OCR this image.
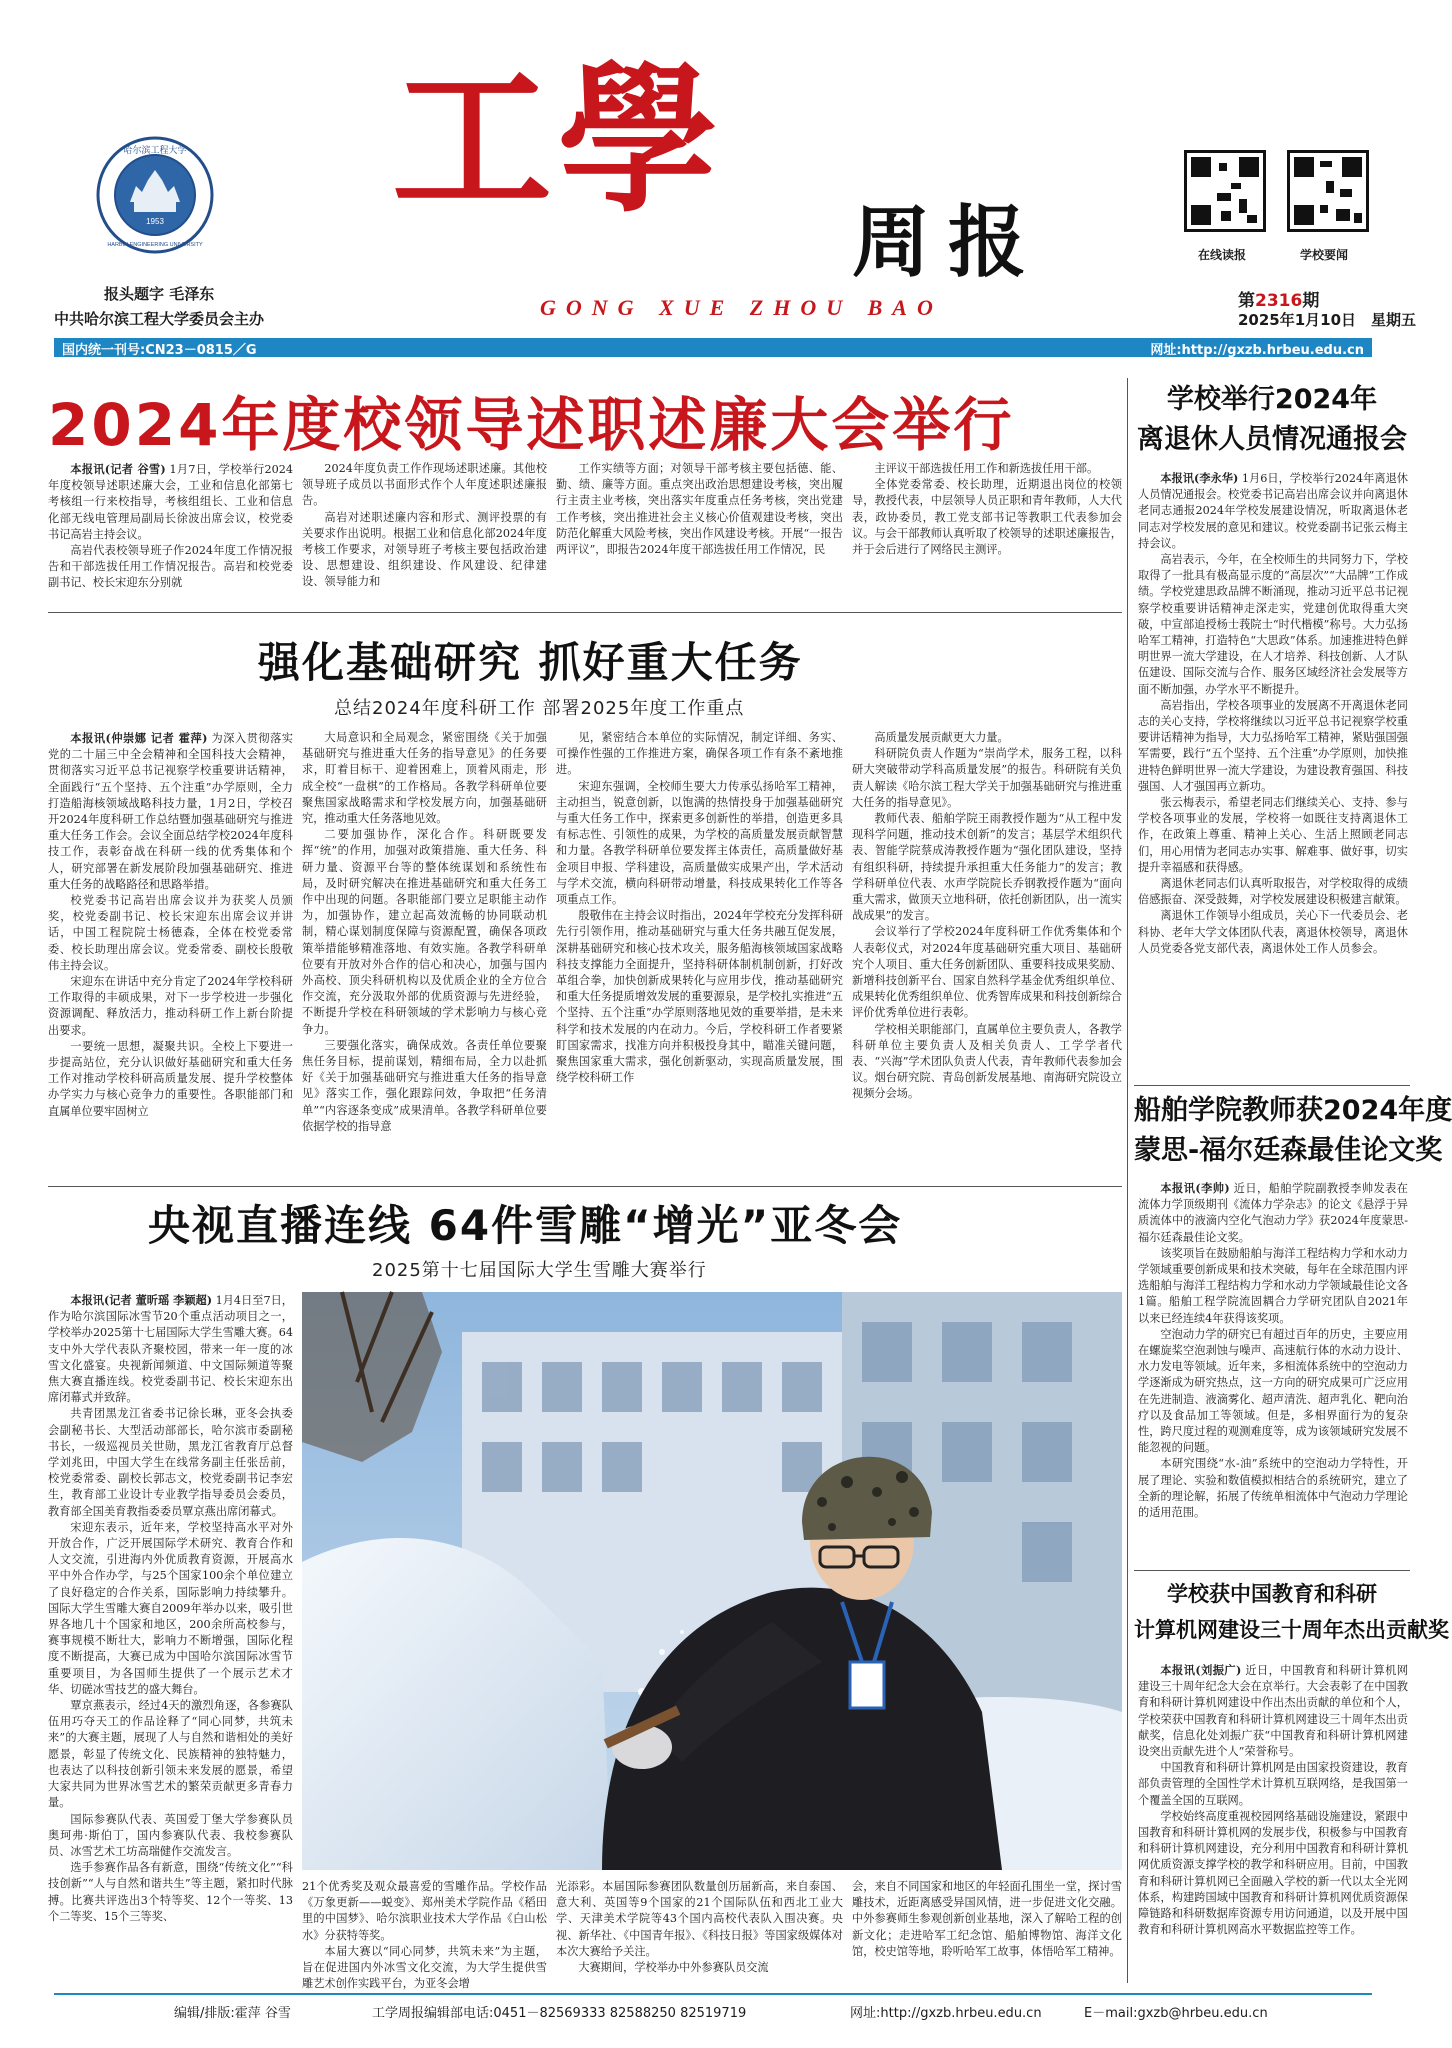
1953
哈尔滨工程大学
HARBIN ENGINEERING UNIVERSITY
工學
周报
GONG XUE ZHOU BAO
报头题字 毛泽东
中共哈尔滨工程大学委员会主办
在线读报	学校要闻
第2316期
2025年1月10日　星期五
国内统一刊号:CN23－0815／G	网址:http://gxzb.hrbeu.edu.cn
2024年度校领导述职述廉大会举行

本报讯(记者 谷雪) 1月7日，学校举行2024年度校领导述职述廉大会，工业和信息化部第七考核组一行来校指导，考核组组长、工业和信息化部无线电管理局副局长徐波出席会议，校党委书记高岩主持会议。

高岩代表校领导班子作2024年度工作情况报告和干部选拔任用工作情况报告。高岩和校党委副书记、校长宋迎东分别就

2024年度负责工作作现场述职述廉。其他校领导班子成员以书面形式作个人年度述职述廉报告。

高岩对述职述廉内容和形式、测评投票的有关要求作出说明。根据工业和信息化部2024年度考核工作要求，对领导班子考核主要包括政治建设、思想建设、组织建设、作风建设、纪律建设、领导能力和

工作实绩等方面；对领导干部考核主要包括德、能、勤、绩、廉等方面。重点突出政治思想建设考核，突出履行主责主业考核，突出落实年度重点任务考核，突出党建工作考核，突出推进社会主义核心价值观建设考核，突出防范化解重大风险考核，突出作风建设考核。开展“一报告两评议”，即报告2024年度干部选拔任用工作情况，民

主评议干部选拔任用工作和新选拔任用干部。

全体党委常委、校长助理，近期退出岗位的校领导，教授代表，中层领导人员正职和青年教师，人大代表，政协委员，教工党支部书记等教职工代表参加会议。与会干部教师认真听取了校领导的述职述廉报告，并于会后进行了网络民主测评。

强化基础研究 抓好重大任务
总结2024年度科研工作 部署2025年度工作重点

本报讯(仲崇娜 记者 霍萍) 为深入贯彻落实党的二十届三中全会精神和全国科技大会精神，贯彻落实习近平总书记视察学校重要讲话精神，全面践行“五个坚持、五个注重”办学原则，全力打造船海核领域战略科技力量，1月2日，学校召开2024年度科研工作总结暨加强基础研究与推进重大任务工作会。会议全面总结学校2024年度科技工作，表彰奋战在科研一线的优秀集体和个人，研究部署在新发展阶段加强基础研究、推进重大任务的战略路径和思路举措。

校党委书记高岩出席会议并为获奖人员颁奖，校党委副书记、校长宋迎东出席会议并讲话，中国工程院院士杨德森，全体在校党委常委、校长助理出席会议。党委常委、副校长殷敬伟主持会议。

宋迎东在讲话中充分肯定了2024年学校科研工作取得的丰硕成果，对下一步学校进一步强化资源调配、释放活力，推动科研工作上新台阶提出要求。

一要统一思想，凝聚共识。全校上下要进一步提高站位，充分认识做好基础研究和重大任务工作对推动学校科研高质量发展、提升学校整体办学实力与核心竞争力的重要性。各职能部门和直属单位要牢固树立

大局意识和全局观念，紧密围绕《关于加强基础研究与推进重大任务的指导意见》的任务要求，盯着目标干、迎着困难上，顶着风雨走，形成全校“一盘棋”的工作格局。各教学科研单位要聚焦国家战略需求和学校发展方向，加强基础研究，推动重大任务落地见效。

二要加强协作，深化合作。科研既要发挥“统”的作用，加强对政策措施、重大任务、科研力量、资源平台等的整体统谋划和系统性布局，及时研究解决在推进基础研究和重大任务工作中出现的问题。各职能部门要立足职能主动作为，加强协作，建立起高效流畅的协同联动机制，精心谋划制度保障与资源配置，确保各项政策举措能够精准落地、有效实施。各教学科研单位要有开放对外合作的信心和决心，加强与国内外高校、顶尖科研机构以及优质企业的全方位合作交流，充分汲取外部的优质资源与先进经验，不断提升学校在科研领域的学术影响力与核心竞争力。

三要强化落实，确保成效。各责任单位要聚焦任务目标，提前谋划，精细布局，全力以赴抓好《关于加强基础研究与推进重大任务的指导意见》落实工作，强化跟踪问效，争取把“任务清单”“内容逐条变成”成果清单。各教学科研单位要依据学校的指导意

见，紧密结合本单位的实际情况，制定详细、务实、可操作性强的工作推进方案，确保各项工作有条不紊地推进。

宋迎东强调，全校师生要大力传承弘扬哈军工精神，主动担当，锐意创新，以饱满的热情投身于加强基础研究与重大任务工作中，探索更多创新性的举措，创造更多具有标志性、引领性的成果，为学校的高质量发展贡献智慧和力量。各教学科研单位要发挥主体责任，高质量做好基金项目申报、学科建设，高质量做实成果产出，学术活动与学术交流，横向科研带动增量，科技成果转化工作等各项重点工作。

殷敬伟在主持会议时指出，2024年学校充分发挥科研先行引领作用，推动基础研究与重大任务共融互促发展，深耕基础研究和核心技术攻关，服务船海核领域国家战略科技支撑能力全面提升，坚持科研体制机制创新，打好改革组合拳，加快创新成果转化与应用步伐，推动基础研究和重大任务提质增效发展的重要源泉，是学校扎实推进“五个坚持、五个注重”办学原则落地见效的重要举措，是未来科学和技术发展的内在动力。今后，学校科研工作者要紧盯国家需求，找准方向并积极投身其中，瞄准关键问题，聚焦国家重大需求，强化创新驱动，实现高质量发展，围绕学校科研工作

高质量发展贡献更大力量。

科研院负责人作题为“崇尚学术，服务工程，以科研大突破带动学科高质量发展”的报告。科研院有关负责人解读《哈尔滨工程大学关于加强基础研究与推进重大任务的指导意见》。

教师代表、船舶学院王雨教授作题为“从工程中发现科学问题，推动技术创新”的发言；基层学术组织代表、智能学院蔡成涛教授作题为“强化团队建设，坚持有组织科研，持续提升承担重大任务能力”的发言；教学科研单位代表、水声学院院长乔钢教授作题为“面向重大需求，做顶天立地科研，依托创新团队，出一流实战成果”的发言。

会议举行了学校2024年度科研工作优秀集体和个人表彰仪式，对2024年度基础研究重大项目、基础研究个人项目、重大任务创新团队、重要科技成果奖励、新增科技创新平台、国家自然科学基金优秀组织单位、成果转化优秀组织单位、优秀智库成果和科技创新综合评价优秀单位进行表彰。

学校相关职能部门，直属单位主要负责人，各教学科研单位主要负责人及相关负责人、工学学者代表、“兴海”学术团队负责人代表，青年教师代表参加会议。烟台研究院、青岛创新发展基地、南海研究院设立视频分会场。

央视直播连线 64件雪雕“增光”亚冬会
2025第十七届国际大学生雪雕大赛举行

本报讯(记者 董昕瑶 李颖超) 1月4日至7日，作为哈尔滨国际冰雪节20个重点活动项目之一，学校举办2025第十七届国际大学生雪雕大赛。64支中外大学代表队齐聚校园，带来一年一度的冰雪文化盛宴。央视新闻频道、中文国际频道等聚焦大赛直播连线。校党委副书记、校长宋迎东出席闭幕式并致辞。

共青团黑龙江省委书记徐长琳，亚冬会执委会副秘书长、大型活动部部长，哈尔滨市委副秘书长，一级巡视员关世勋，黑龙江省教育厅总督学刘兆田，中国大学生在线常务副主任张岳前，校党委常委、副校长郭志文，校党委副书记李宏生，教育部工业设计专业教学指导委员会委员，教育部全国美育教指委委员覃京燕出席闭幕式。

宋迎东表示，近年来，学校坚持高水平对外开放合作，广泛开展国际学术研究、教育合作和人文交流，引进海内外优质教育资源，开展高水平中外合作办学，与25个国家100余个单位建立了良好稳定的合作关系，国际影响力持续攀升。国际大学生雪雕大赛自2009年举办以来，吸引世界各地几十个国家和地区，200余所高校参与，赛事规模不断壮大，影响力不断增强，国际化程度不断提高，大赛已成为中国哈尔滨国际冰雪节重要项目，为各国师生提供了一个展示艺术才华、切磋冰雪技艺的盛大舞台。

覃京燕表示，经过4天的激烈角逐，各参赛队伍用巧夺天工的作品诠释了“同心同梦，共筑未来”的大赛主题，展现了人与自然和谐相处的美好愿景，彰显了传统文化、民族精神的独特魅力，也表达了以科技创新引领未来发展的愿景，希望大家共同为世界冰雪艺术的繁荣贡献更多青春力量。

国际参赛队代表、英国爱丁堡大学参赛队员奥珂弗·斯伯丁，国内参赛队代表、我校参赛队员、冰雪艺术工坊高瑞健作交流发言。

选手参赛作品各有新意，围绕“传统文化”“科技创新”“人与自然和谐共生”等主题，紧扣时代脉搏。比赛共评选出3个特等奖、12个一等奖、13个二等奖、15个三等奖、

21个优秀奖及观众最喜爱的雪雕作品。学校作品《万象更新——蜕变》、郑州美术学院作品《稻田里的中国梦》、哈尔滨职业技术大学作品《白山松水》分获特等奖。

本届大赛以“同心同梦，共筑未来”为主题，旨在促进国内外冰雪文化交流，为大学生提供雪雕艺术创作实践平台，为亚冬会增

光添彩。本届国际参赛团队数量创历届新高，来自泰国、意大利、英国等9个国家的21个国际队伍和西北工业大学、天津美术学院等43个国内高校代表队入围决赛。央视、新华社、《中国青年报》、《科技日报》等国家级媒体对本次大赛给予关注。

大赛期间，学校举办中外参赛队员交流

会，来自不同国家和地区的年轻面孔围坐一堂，探讨雪雕技术，近距离感受异国风情，进一步促进文化交融。中外参赛师生参观创新创业基地，深入了解哈工程的创新文化；走进哈军工纪念馆、船舶博物馆、海洋文化馆，校史馆等地，聆听哈军工故事，体悟哈军工精神。

学校举行2024年
离退休人员情况通报会

本报讯(李永华) 1月6日，学校举行2024年离退休人员情况通报会。校党委书记高岩出席会议并向离退休老同志通报2024年学校发展建设情况，听取离退休老同志对学校发展的意见和建议。校党委副书记张云梅主持会议。

高岩表示，今年，在全校师生的共同努力下，学校取得了一批具有极高显示度的“高层次”“大品牌”工作成绩。学校党建思政品牌不断涌现，推动习近平总书记视察学校重要讲话精神走深走实，党建创优取得重大突破，中宣部追授杨士莪院士“时代楷模”称号。大力弘扬哈军工精神，打造特色“大思政”体系。加速推进特色鲜明世界一流大学建设，在人才培养、科技创新、人才队伍建设、国际交流与合作、服务区域经济社会发展等方面不断加强，办学水平不断提升。

高岩指出，学校各项事业的发展离不开离退休老同志的关心支持，学校将继续以习近平总书记视察学校重要讲话精神为指导，大力弘扬哈军工精神，紧贴强国强军需要，践行“五个坚持、五个注重”办学原则，加快推进特色鲜明世界一流大学建设，为建设教育强国、科技强国、人才强国再立新功。

张云梅表示，希望老同志们继续关心、支持、参与学校各项事业的发展，学校将一如既往支持离退休工作，在政策上尊重、精神上关心、生活上照顾老同志们，用心用情为老同志办实事、解难事、做好事，切实提升幸福感和获得感。

离退休老同志们认真听取报告，对学校取得的成绩倍感振奋、深受鼓舞，对学校发展建设积极建言献策。

离退休工作领导小组成员，关心下一代委员会、老科协、老年大学文体团队代表，离退休校领导，离退休人员党委各党支部代表，离退休处工作人员参会。

船舶学院教师获2024年度
蒙思-福尔廷森最佳论文奖

本报讯(李帅) 近日，船舶学院副教授李帅发表在流体力学顶级期刊《流体力学杂志》的论文《悬浮于异质流体中的液滴内空化气泡动力学》获2024年度蒙思-福尔廷森最佳论文奖。

该奖项旨在鼓励船舶与海洋工程结构力学和水动力学领域重要创新成果和技术突破，每年在全球范围内评选船舶与海洋工程结构力学和水动力学领域最佳论文各1篇。船舶工程学院流固耦合力学研究团队自2021年以来已经连续4年获得该奖项。

空泡动力学的研究已有超过百年的历史，主要应用在螺旋桨空泡剥蚀与噪声、高速航行体的水动力设计、水力发电等领域。近年来，多相流体系统中的空泡动力学逐渐成为研究热点，这一方向的研究成果可广泛应用在先进制造、液滴雾化、超声清洗、超声乳化、靶向治疗以及食品加工等领域。但是，多相界面行为的复杂性，跨尺度过程的观测难度等，成为该领域研究发展不能忽视的问题。

本研究围绕“水-油”系统中的空泡动力学特性，开展了理论、实验和数值模拟相结合的系统研究，建立了全新的理论解，拓展了传统单相流体中气泡动力学理论的适用范围。

学校获中国教育和科研
计算机网建设三十周年杰出贡献奖

本报讯(刘振广) 近日，中国教育和科研计算机网建设三十周年纪念大会在京举行。大会表彰了在中国教育和科研计算机网建设中作出杰出贡献的单位和个人，学校荣获中国教育和科研计算机网建设三十周年杰出贡献奖，信息化处刘振广获“中国教育和科研计算机网建设突出贡献先进个人”荣誉称号。

中国教育和科研计算机网是由国家投资建设，教育部负责管理的全国性学术计算机互联网络，是我国第一个覆盖全国的互联网。

学校始终高度重视校园网络基础设施建设，紧跟中国教育和科研计算机网的发展步伐，积极参与中国教育和科研计算机网建设，充分利用中国教育和科研计算机网优质资源支撑学校的教学和科研应用。目前，中国教育和科研计算机网已全面融入学校的新一代以太全光网体系，构建跨国域中国教育和科研计算机网优质资源保障链路和科研数据库资源专用访问通道，以及开展中国教育和科研计算机网高水平数据监控等工作。

编辑/排版:霍萍 谷雪	工学周报编辑部电话:0451－82569333 82588250 82519719	网址:http://gxzb.hrbeu.edu.cn	E－mail:gxzb@hrbeu.edu.cn
